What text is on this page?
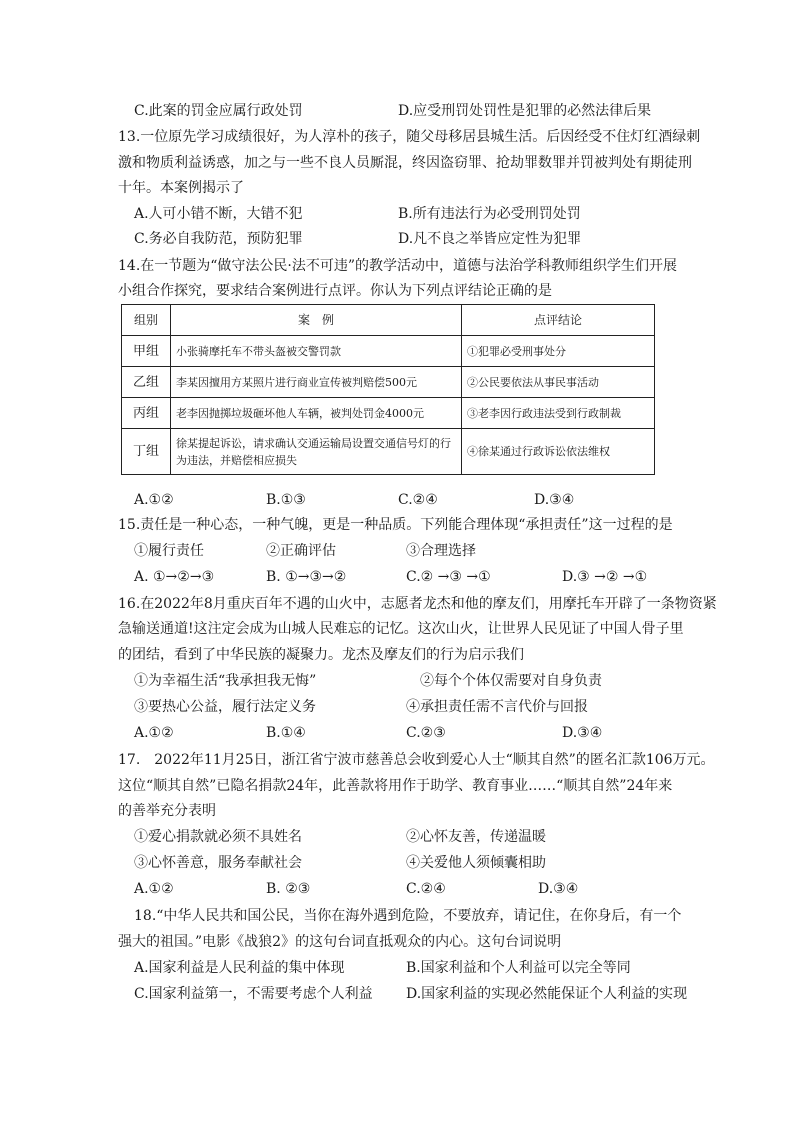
C.此案的罚金应属行政处罚	D.应受刑罚处罚性是犯罪的必然法律后果
13.一位原先学习成绩很好，为人淳朴的孩子，随父母移居县城生活。后因经受不住灯红酒绿刺
激和物质利益诱惑，加之与一些不良人员厮混，终因盗窃罪、抢劫罪数罪并罚被判处有期徒刑
十年。本案例揭示了
A.人可小错不断，大错不犯	B.所有违法行为必受刑罚处罚
C.务必自我防范，预防犯罪	D.凡不良之举皆应定性为犯罪
14.在一节题为“做守法公民·法不可违”的教学活动中，道德与法治学科教师组织学生们开展
小组合作探究，要求结合案例进行点评。你认为下列点评结论正确的是
组别	案　例	点评结论
甲组	小张骑摩托车不带头盔被交警罚款	①犯罪必受刑事处分
乙组	李某因擅用方某照片进行商业宣传被判赔偿500元	②公民要依法从事民事活动
丙组	老李因抛掷垃圾砸坏他人车辆，被判处罚金4000元	③老李因行政违法受到行政制裁
丁组	徐某提起诉讼，请求确认交通运输局设置交通信号灯的行为违法，并赔偿相应损失	④徐某通过行政诉讼依法维权
A.①②	B.①③	C.②④	D.③④
15.责任是一种心态，一种气魄，更是一种品质。下列能合理体现“承担责任”这一过程的是
①履行责任	②正确评估	③合理选择
A. ①→②→③	B. ①→③→②	C.② →③ →①	D.③ →② →①
16.在2022年8月重庆百年不遇的山火中，志愿者龙杰和他的摩友们，用摩托车开辟了一条物资紧
急输送通道!这注定会成为山城人民难忘的记忆。这次山火，让世界人民见证了中国人骨子里
的团结，看到了中华民族的凝聚力。龙杰及摩友们的行为启示我们
①为幸福生活“我承担我无悔”	②每个个体仅需要对自身负责
③要热心公益，履行法定义务	④承担责任需不言代价与回报
A.①②	B.①④	C.②③	D.③④
17.　2022年11月25日，浙江省宁波市慈善总会收到爱心人士“顺其自然”的匿名汇款106万元。
这位“顺其自然”已隐名捐款24年，此善款将用作于助学、教育事业……“顺其自然”24年来
的善举充分表明
①爱心捐款就必须不具姓名	②心怀友善，传递温暖
③心怀善意，服务奉献社会	④关爱他人须倾囊相助
A.①②	B. ②③	C.②④	D.③④
18.“中华人民共和国公民，当你在海外遇到危险，不要放弃，请记住，在你身后，有一个
强大的祖国。”电影《战狼2》的这句台词直抵观众的内心。这句台词说明
A.国家利益是人民利益的集中体现	B.国家利益和个人利益可以完全等同
C.国家利益第一，不需要考虑个人利益 D.国家利益的实现必然能保证个人利益的实现
